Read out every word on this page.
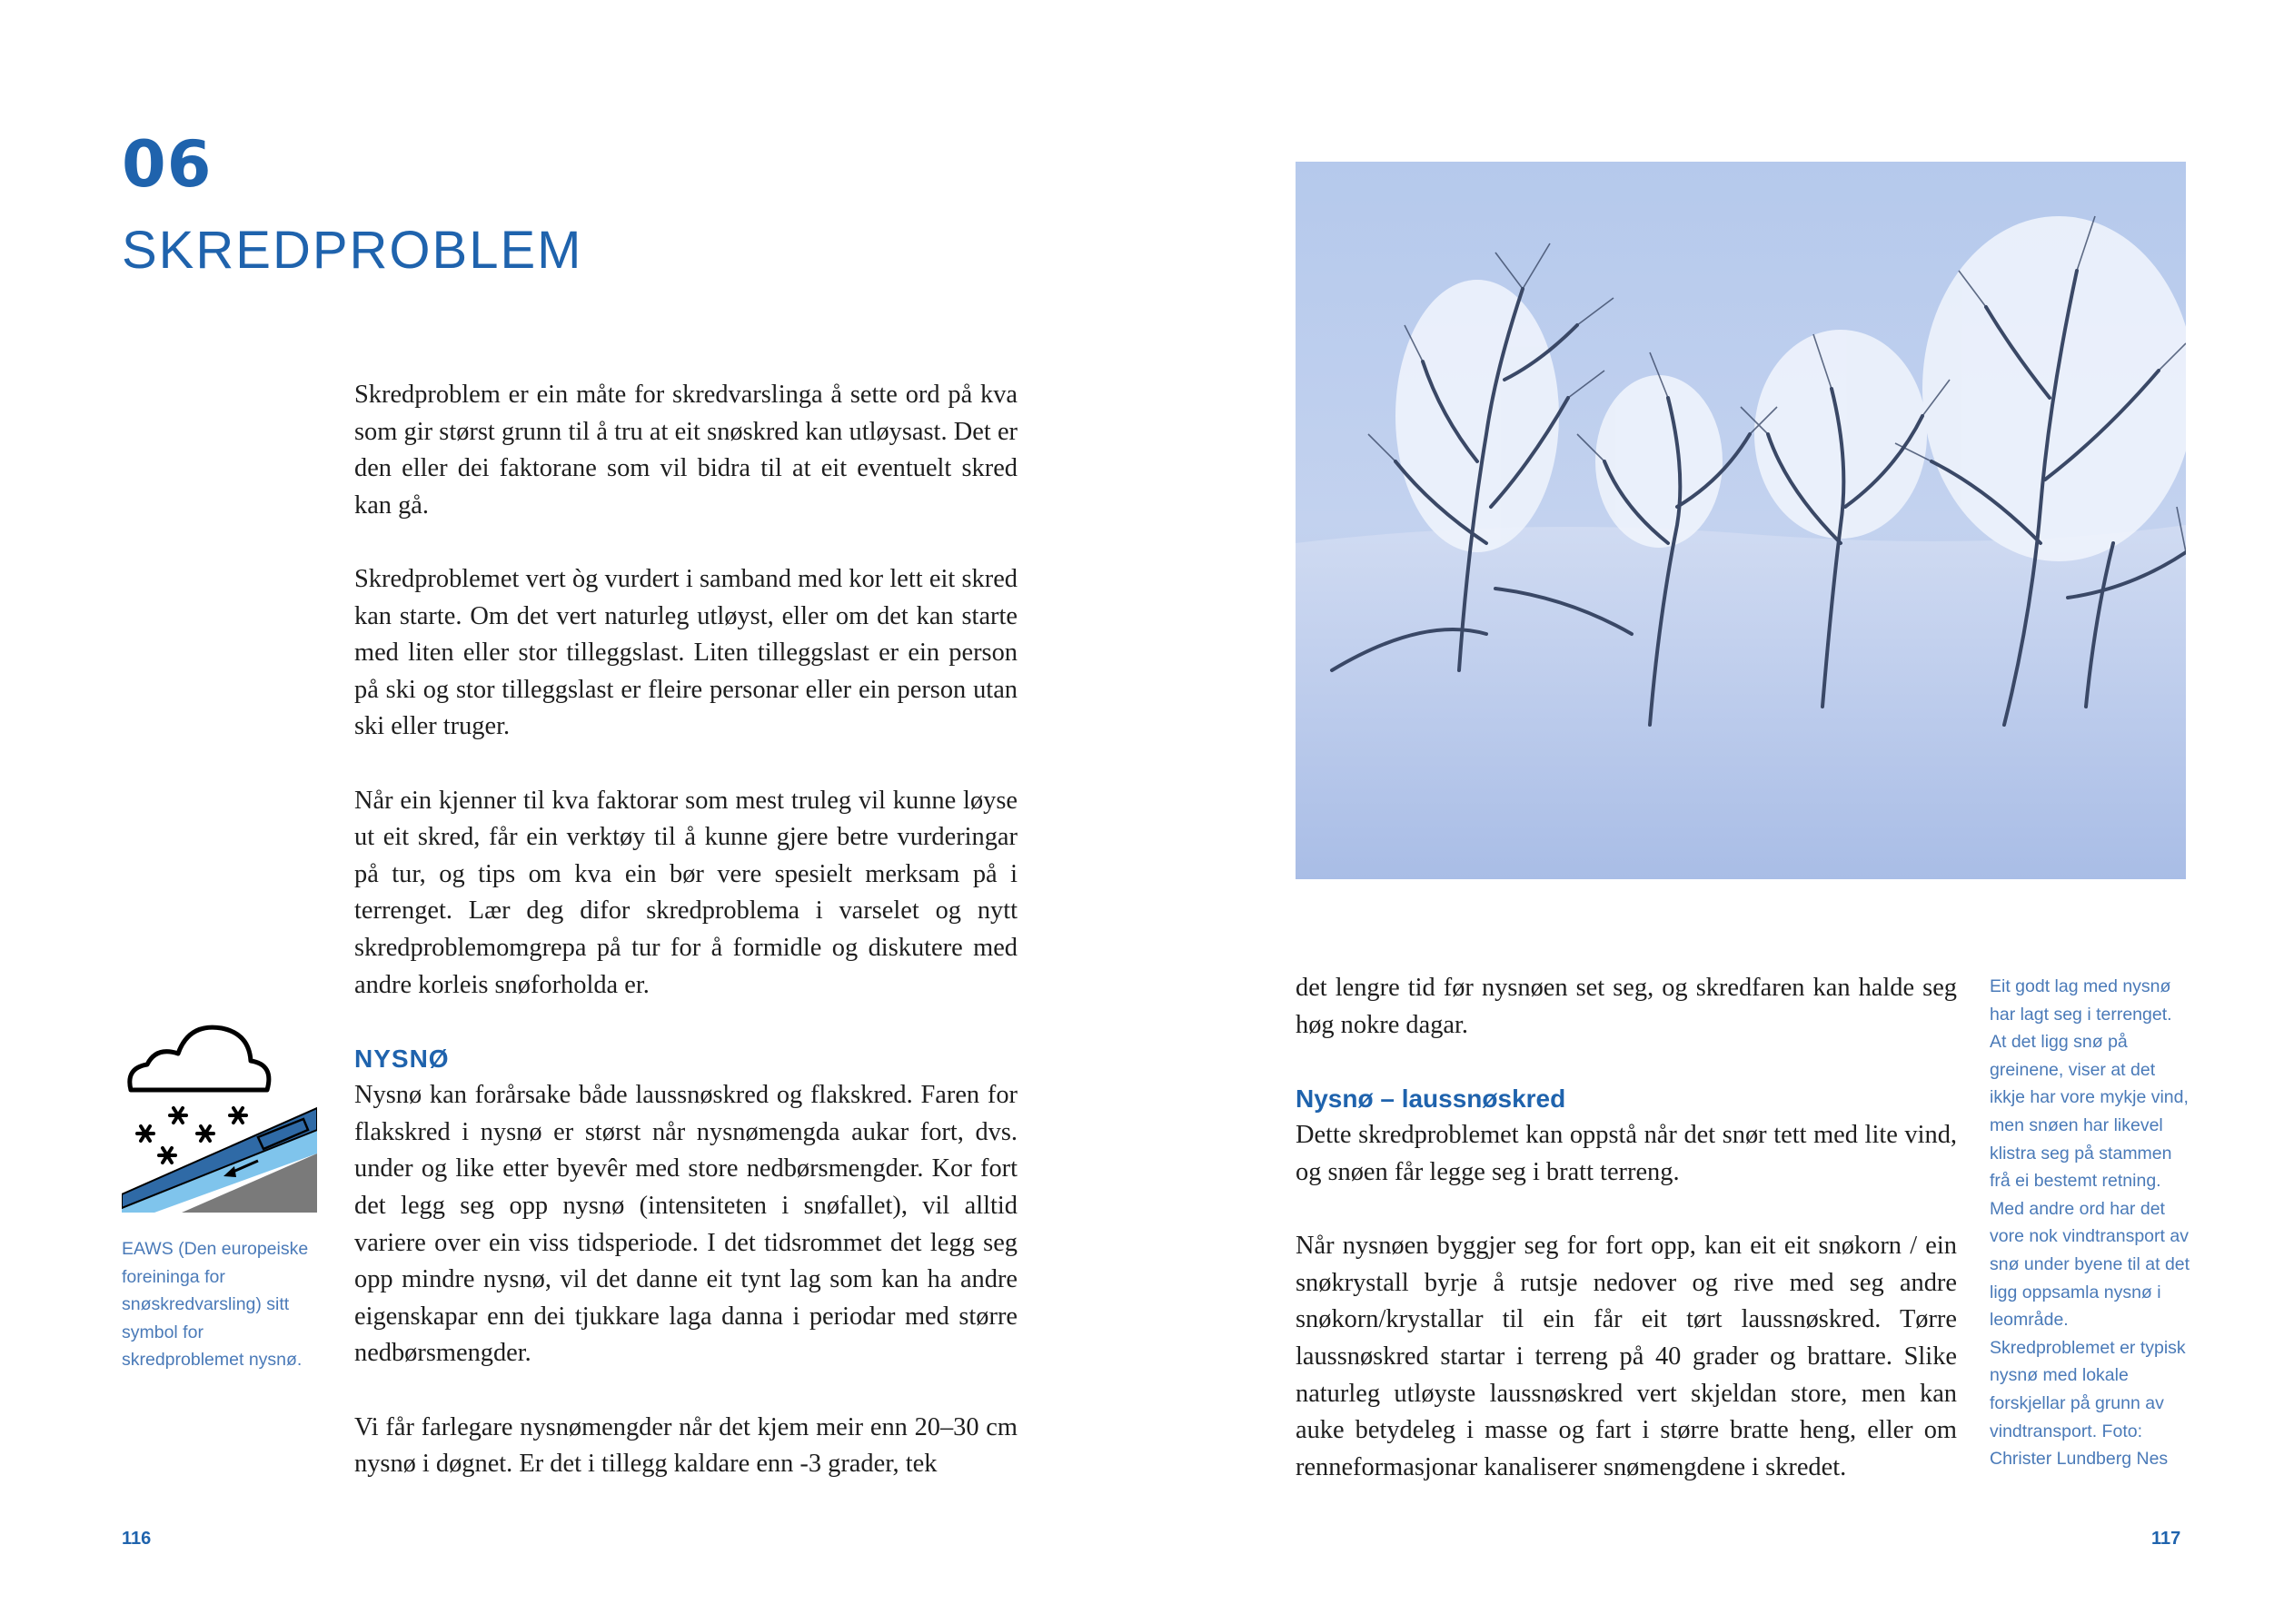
06
SKREDPROBLEM

Skredproblem er ein måte for skredvarslinga å sette ord på kva som gir størst grunn til å tru at eit snøskred kan utløysast. Det er den eller dei faktorane som vil bidra til at eit eventuelt skred kan gå.

Skredproblemet vert òg vurdert i samband med kor lett eit skred kan starte. Om det vert naturleg utløyst, eller om det kan starte med liten eller stor tilleggslast. Liten tilleggslast er ein person på ski og stor tilleggslast er fleire personar eller ein person utan ski eller truger.

Når ein kjenner til kva faktorar som mest truleg vil kunne løyse ut eit skred, får ein verktøy til å kunne gjere betre vurderingar på tur, og tips om kva ein bør vere spesielt merksam på i terrenget. Lær deg difor skredproblema i varselet og nytt skredproblemomgrepa på tur for å formidle og diskutere med andre korleis snøforholda er.

NYSNØ

Nysnø kan forårsake både laussnøskred og flakskred. Faren for flakskred i nysnø er størst når nysnømengda aukar fort, dvs. under og like etter byevêr med store nedbørsmengder. Kor fort det legg seg opp nysnø (intensiteten i snøfallet), vil alltid variere over ein viss tidsperiode. I det tidsrommet det legg seg opp mindre nysnø, vil det danne eit tynt lag som kan ha andre eigenskapar enn dei tjukkare laga danna i periodar med større nedbørsmengder.

Vi får farlegare nysnømengder når det kjem meir enn 20–30 cm nysnø i døgnet. Er det i tillegg kaldare enn -3 grader, tek

EAWS (Den europeiske foreininga for snøskredvarsling) sitt symbol for skredproblemet nysnø.
116

det lengre tid før nysnøen set seg, og skredfaren kan halde seg høg nokre dagar.

Nysnø – laussnøskred

Dette skredproblemet kan oppstå når det snør tett med lite vind, og snøen får legge seg i bratt terreng.

Når nysnøen byggjer seg for fort opp, kan eit eit snøkorn / ein snøkrystall byrje å rutsje nedover og rive med seg andre snøkorn/krystallar til ein får eit tørt laussnøskred. Tørre laussnøskred startar i terreng på 40 grader og brattare. Slike naturleg utløyste laussnøskred vert skjeldan store, men kan auke betydeleg i masse og fart i større bratte heng, eller om renneformasjonar kanaliserer snømengdene i skredet.

Eit godt lag med nysnø har lagt seg i terrenget. At det ligg snø på greinene, viser at det ikkje har vore mykje vind, men snøen har likevel klistra seg på stammen frå ei bestemt retning. Med andre ord har det vore nok vindtransport av snø under byene til at det ligg oppsamla nysnø i leområde. Skredproblemet er typisk nysnø med lokale forskjellar på grunn av vindtransport. Foto: Christer Lundberg Nes
117
